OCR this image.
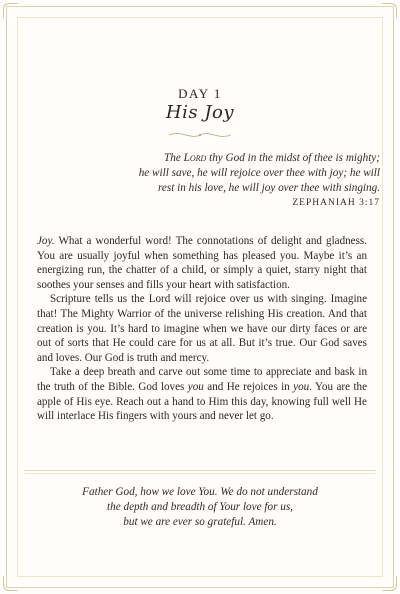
DAY 1
His Joy
The Lord thy God in the midst of thee is mighty;
he will save, he will rejoice over thee with joy; he will
rest in his love, he will joy over thee with singing.
ZEPHANIAH 3:17

Joy. What a wonderful word! The connotations of delight and gladness. You are usually joyful when something has pleased you. Maybe it’s an energizing run, the chatter of a child, or simply a quiet, starry night that soothes your senses and fills your heart with satisfaction.

Scripture tells us the Lord will rejoice over us with singing. Imagine that! The Mighty Warrior of the universe relishing His creation. And that creation is you. It’s hard to imagine when we have our dirty faces or are out of sorts that He could care for us at all. But it’s true. Our God saves and loves. Our God is truth and mercy.

Take a deep breath and carve out some time to appreciate and bask in the truth of the Bible. God loves you and He rejoices in you. You are the apple of His eye. Reach out a hand to Him this day, knowing full well He will interlace His fingers with yours and never let go.

Father God, how we love You. We do not understand
the depth and breadth of Your love for us,
but we are ever so grateful. Amen.
